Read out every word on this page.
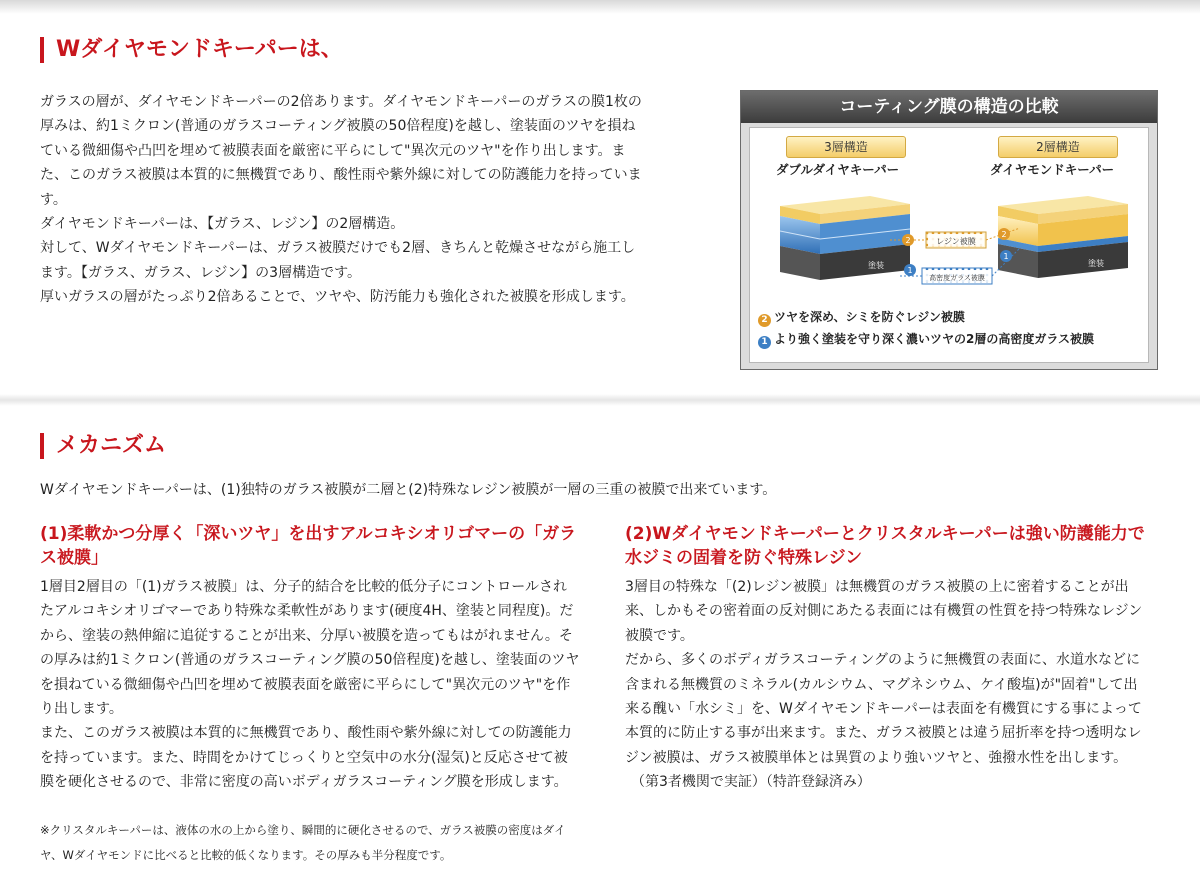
Wダイヤモンドキーパーは、

ガラスの層が、ダイヤモンドキーパーの2倍あります。ダイヤモンドキーパーのガラスの膜1枚の厚みは、約1ミクロン(普通のガラスコーティング被膜の50倍程度)を越し、塗装面のツヤを損ねている微細傷や凸凹を埋めて被膜表面を厳密に平らにして"異次元のツヤ"を作り出します。また、このガラス被膜は本質的に無機質であり、酸性雨や紫外線に対しての防護能力を持っています。

ダイヤモンドキーパーは、【ガラス、レジン】の2層構造。

対して、Wダイヤモンドキーパーは、ガラス被膜だけでも2層、きちんと乾燥させながら施工します。【ガラス、ガラス、レジン】の3層構造です。

厚いガラスの層がたっぷり2倍あることで、ツヤや、防汚能力も強化された被膜を形成します。

コーティング膜の構造の比較
3層構造	2層構造
ダブルダイヤキーパー	ダイヤモンドキーパー
塗装	塗装
レジン被膜
高密度ガラス被膜
2
1
2
1
2 ツヤを深め、シミを防ぐレジン被膜
1 より強く塗装を守り深く濃いツヤの2層の高密度ガラス被膜
メカニズム

Wダイヤモンドキーパーは、(1)独特のガラス被膜が二層と(2)特殊なレジン被膜が一層の三重の被膜で出来ています。

(1)柔軟かつ分厚く「深いツヤ」を出すアルコキシオリゴマーの「ガラス被膜」

1層目2層目の「(1)ガラス被膜」は、分子的結合を比較的低分子にコントロールされたアルコキシオリゴマーであり特殊な柔軟性があります(硬度4H、塗装と同程度)。だから、塗装の熱伸縮に追従することが出来、分厚い被膜を造ってもはがれません。その厚みは約1ミクロン(普通のガラスコーティング膜の50倍程度)を越し、塗装面のツヤを損ねている微細傷や凸凹を埋めて被膜表面を厳密に平らにして"異次元のツヤ"を作り出します。

また、このガラス被膜は本質的に無機質であり、酸性雨や紫外線に対しての防護能力を持っています。また、時間をかけてじっくりと空気中の水分(湿気)と反応させて被膜を硬化させるので、非常に密度の高いボディガラスコーティング膜を形成します。

※クリスタルキーパーは、液体の水の上から塗り、瞬間的に硬化させるので、ガラス被膜の密度はダイヤ、Wダイヤモンドに比べると比較的低くなります。その厚みも半分程度です。

(2)Wダイヤモンドキーパーとクリスタルキーパーは強い防護能力で水ジミの固着を防ぐ特殊レジン

3層目の特殊な「(2)レジン被膜」は無機質のガラス被膜の上に密着することが出来、しかもその密着面の反対側にあたる表面には有機質の性質を持つ特殊なレジン被膜です。

だから、多くのボディガラスコーティングのように無機質の表面に、水道水などに含まれる無機質のミネラル(カルシウム、マグネシウム、ケイ酸塩)が"固着"して出来る醜い「水シミ」を、Wダイヤモンドキーパーは表面を有機質にする事によって本質的に防止する事が出来ます。また、ガラス被膜とは違う屈折率を持つ透明なレジン被膜は、ガラス被膜単体とは異質のより強いツヤと、強撥水性を出します。

（第3者機関で実証）（特許登録済み）
